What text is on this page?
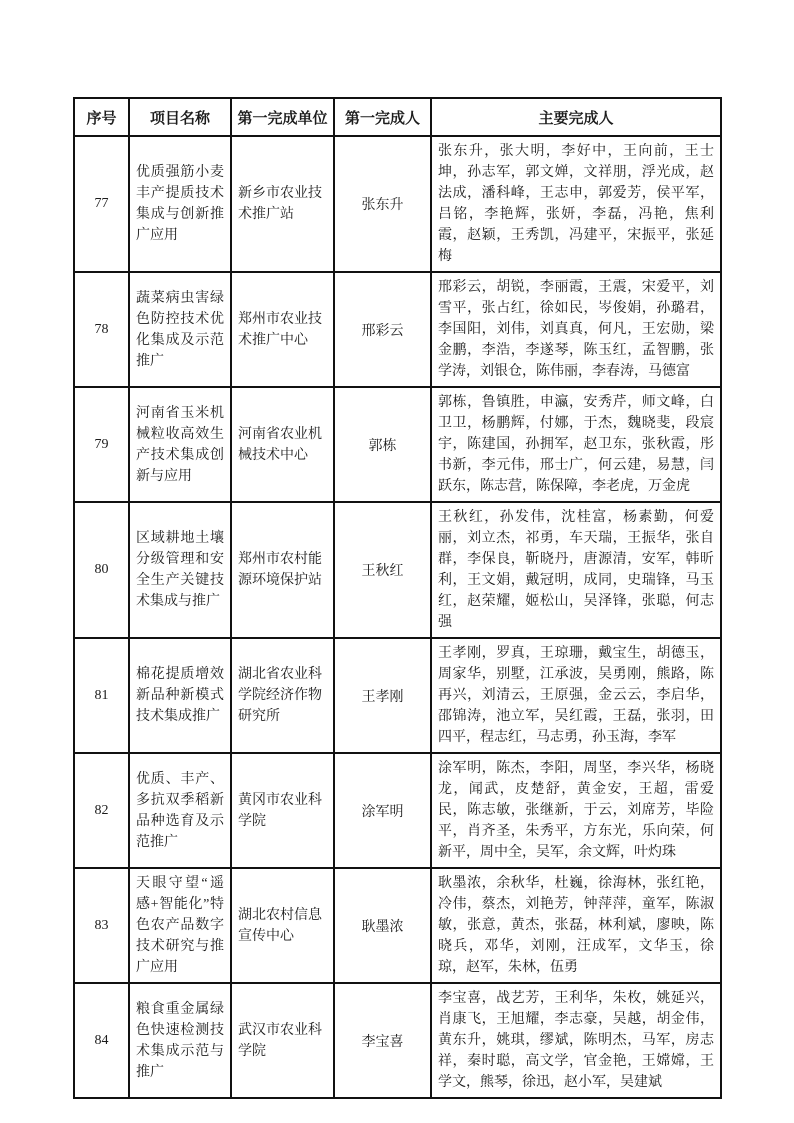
序号	项目名称	第一完成单位	第一完成人	主要完成人
77	优质强筋小麦丰产提质技术集成与创新推广应用	新乡市农业技术推广站	张东升	张东升，张大明，李好中，王向前，王士坤，孙志军，郭文婵，文祥朋，浮光成，赵法成，潘科峰，王志申，郭爱芳，侯平军，吕铭，李艳辉，张妍，李磊，冯艳，焦利霞，赵颖，王秀凯，冯建平，宋振平，张延梅
78	蔬菜病虫害绿色防控技术优化集成及示范推广	郑州市农业技术推广中心	邢彩云	邢彩云，胡锐，李丽霞，王震，宋爱平，刘雪平，张占红，徐如民，岑俊娟，孙璐君，李国阳，刘伟，刘真真，何凡，王宏勋，梁金鹏，李浩，李遂琴，陈玉红，孟智鹏，张学涛，刘银仓，陈伟丽，李春涛，马德富
79	河南省玉米机械粒收高效生产技术集成创新与应用	河南省农业机械技术中心	郭栋	郭栋，鲁镇胜，申瀛，安秀芹，师文峰，白卫卫，杨鹏辉，付娜，于杰，魏晓斐，段宸宇，陈建国，孙拥军，赵卫东，张秋霞，彤书新，李元伟，邢士广，何云建，易慧，闫跃东，陈志营，陈保障，李老虎，万金虎
80	区域耕地土壤分级管理和安全生产关键技术集成与推广	郑州市农村能源环境保护站	王秋红	王秋红，孙发伟，沈桂富，杨素勤，何爱丽，刘立杰，祁勇，车天瑞，王振华，张自群，李保良，靳晓丹，唐源清，安军，韩昕利，王文娟，戴冠明，成同，史瑞锋，马玉红，赵荣耀，姬松山，吴泽锋，张聪，何志强
81	棉花提质增效新品种新模式技术集成推广	湖北省农业科学院经济作物研究所	王孝刚	王孝刚，罗真，王琼珊，戴宝生，胡德玉，周家华，别墅，江承波，吴勇刚，熊路，陈再兴，刘清云，王原强，金云云，李启华，邵锦涛，池立军，吴红霞，王磊，张羽，田四平，程志红，马志勇，孙玉海，李军
82	优质、丰产、多抗双季稻新品种选育及示范推广	黄冈市农业科学院	涂军明	涂军明，陈杰，李阳，周坚，李兴华，杨晓龙，闻武，皮楚舒，黄金安，王超，雷爱民，陈志敏，张继新，于云，刘席芳，毕险平，肖齐圣，朱秀平，方东光，乐向荣，何新平，周中全，吴军，余文辉，叶灼珠
83	天眼守望“遥感+智能化”特色农产品数字技术研究与推广应用	湖北农村信息宣传中心	耿墨浓	耿墨浓，余秋华，杜巍，徐海林，张红艳，冷伟，蔡杰，刘艳芳，钟萍萍，童军，陈淑敏，张意，黄杰，张磊，林利斌，廖映，陈晓兵，邓华，刘刚，汪成军，文华玉，徐琼，赵军，朱林，伍勇
84	粮食重金属绿色快速检测技术集成示范与推广	武汉市农业科学院	李宝喜	李宝喜，战艺芳，王利华，朱枚，姚延兴，肖康飞，王旭耀，李志豪，吴越，胡金伟，黄东升，姚琪，缪斌，陈明杰，马军，房志祥，秦时聪，高文学，官金艳，王嫦嫦，王学文，熊琴，徐迅，赵小军，吴建斌
